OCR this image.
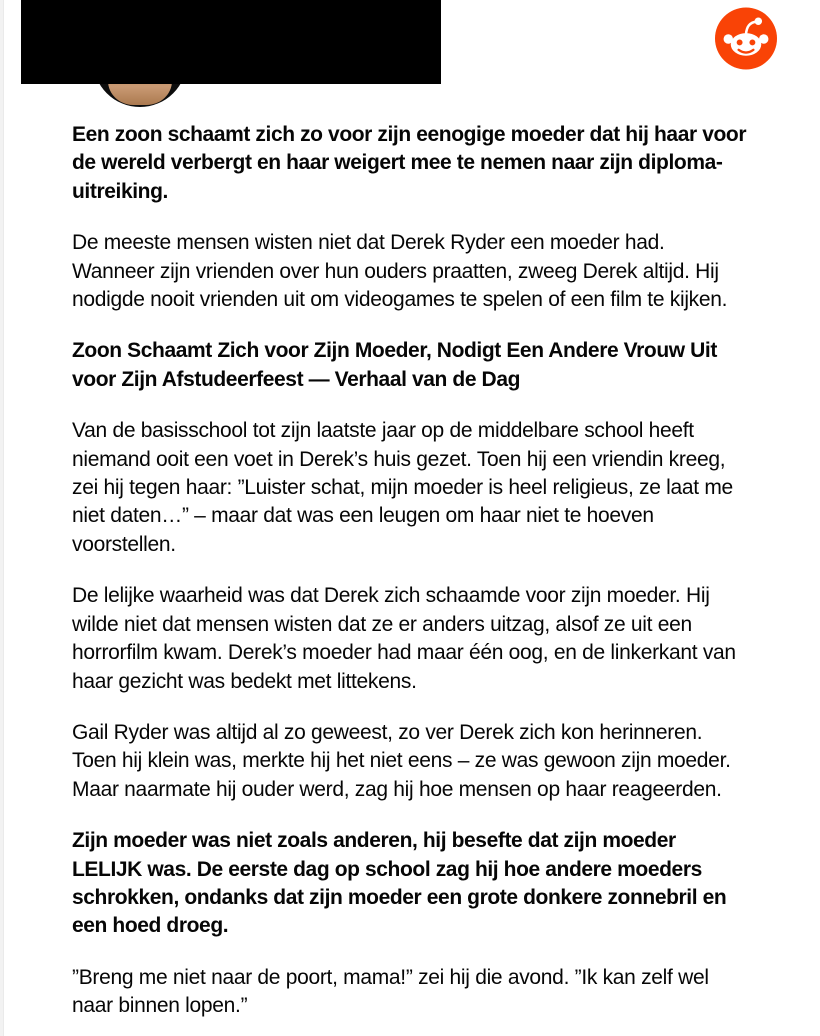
Een zoon schaamt zich zo voor zijn eenogige moeder dat hij haar voor de wereld verbergt en haar weigert mee te nemen naar zijn diploma-uitreiking.

De meeste mensen wisten niet dat Derek Ryder een moeder had. Wanneer zijn vrienden over hun ouders praatten, zweeg Derek altijd. Hij nodigde nooit vrienden uit om videogames te spelen of een film te kijken.

Zoon Schaamt Zich voor Zijn Moeder, Nodigt Een Andere Vrouw Uit voor Zijn Afstudeerfeest — Verhaal van de Dag

Van de basisschool tot zijn laatste jaar op de middelbare school heeft niemand ooit een voet in Derek’s huis gezet. Toen hij een vriendin kreeg, zei hij tegen haar: ”Luister schat, mijn moeder is heel religieus, ze laat me niet daten…” – maar dat was een leugen om haar niet te hoeven voorstellen.

De lelijke waarheid was dat Derek zich schaamde voor zijn moeder. Hij wilde niet dat mensen wisten dat ze er anders uitzag, alsof ze uit een horrorfilm kwam. Derek’s moeder had maar één oog, en de linkerkant van haar gezicht was bedekt met littekens.

Gail Ryder was altijd al zo geweest, zo ver Derek zich kon herinneren. Toen hij klein was, merkte hij het niet eens – ze was gewoon zijn moeder. Maar naarmate hij ouder werd, zag hij hoe mensen op haar reageerden.

Zijn moeder was niet zoals anderen, hij besefte dat zijn moeder LELIJK was. De eerste dag op school zag hij hoe andere moeders schrokken, ondanks dat zijn moeder een grote donkere zonnebril en een hoed droeg.

”Breng me niet naar de poort, mama!” zei hij die avond. ”Ik kan zelf wel naar binnen lopen.”
